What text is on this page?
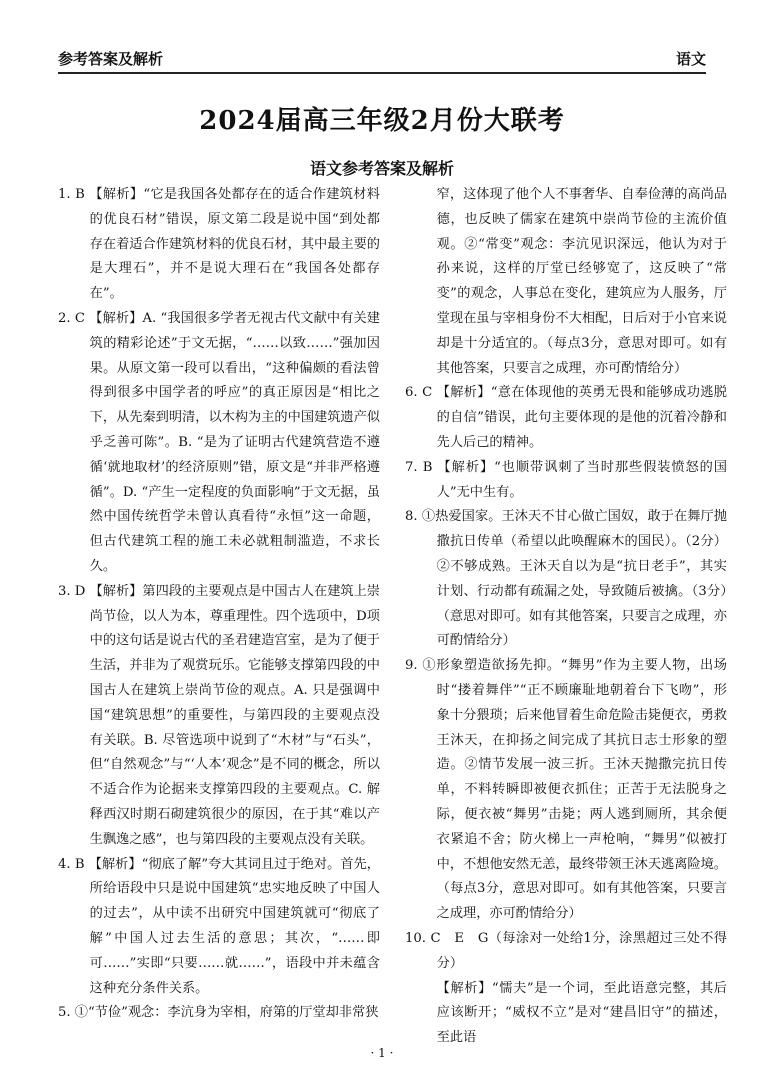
参考答案及解析	语文
2024届高三年级2月份大联考
语文参考答案及解析

1. B 【解析】“它是我国各处都存在的适合作建筑材料的优良石材”错误，原文第二段是说中国“到处都存在着适合作建筑材料的优良石材，其中最主要的是大理石”，并不是说大理石在“我国各处都存在”。

2. C 【解析】A. “我国很多学者无视古代文献中有关建筑的精彩论述”于文无据，“……以致……”强加因果。从原文第一段可以看出，“这种偏颇的看法曾得到很多中国学者的呼应”的真正原因是“相比之下，从先秦到明清，以木构为主的中国建筑遗产似乎乏善可陈”。B. “是为了证明古代建筑营造不遵循‘就地取材’的经济原则”错，原文是“并非严格遵循”。D. “产生一定程度的负面影响”于文无据，虽然中国传统哲学未曾认真看待“永恒”这一命题，但古代建筑工程的施工未必就粗制滥造，不求长久。

3. D 【解析】第四段的主要观点是中国古人在建筑上崇尚节俭，以人为本，尊重理性。四个选项中，D项中的这句话是说古代的圣君建造宫室，是为了便于生活，并非为了观赏玩乐。它能够支撑第四段的中国古人在建筑上崇尚节俭的观点。A. 只是强调中国“建筑思想”的重要性，与第四段的主要观点没有关联。B. 尽管选项中说到了“木材”与“石头”，但“自然观念”与“‘人本’观念”是不同的概念，所以不适合作为论据来支撑第四段的主要观点。C. 解释西汉时期石砌建筑很少的原因，在于其“难以产生飘逸之感”，也与第四段的主要观点没有关联。

4. B 【解析】“彻底了解”夸大其词且过于绝对。首先，所给语段中只是说中国建筑“忠实地反映了中国人的过去”，从中读不出研究中国建筑就可“彻底了解”中国人过去生活的意思；其次，“……即可……”实即“只要……就……”，语段中并未蕴含这种充分条件关系。

5. ①“节俭”观念：李沆身为宰相，府第的厅堂却非常狭

窄，这体现了他个人不事奢华、自奉俭薄的高尚品德，也反映了儒家在建筑中崇尚节俭的主流价值观。②“常变”观念：李沆见识深远，他认为对于孙来说，这样的厅堂已经够宽了，这反映了“常变”的观念，人事总在变化，建筑应为人服务，厅堂现在虽与宰相身份不大相配，日后对于小官来说却是十分适宜的。（每点3分，意思对即可。如有其他答案，只要言之成理，亦可酌情给分）

6. C 【解析】“意在体现他的英勇无畏和能够成功逃脱的自信”错误，此句主要体现的是他的沉着冷静和先人后己的精神。

7. B 【解析】“也顺带讽刺了当时那些假装愤怒的国人”无中生有。

8. ①热爱国家。王沐天不甘心做亡国奴，敢于在舞厅抛撒抗日传单（希望以此唤醒麻木的国民）。（2分）②不够成熟。王沐天自以为是“抗日老手”，其实计划、行动都有疏漏之处，导致随后被擒。（3分）（意思对即可。如有其他答案，只要言之成理，亦可酌情给分）

9. ①形象塑造欲扬先抑。“舞男”作为主要人物，出场时“搂着舞伴”“正不顾廉耻地朝着台下飞吻”，形象十分猥琐；后来他冒着生命危险击毙便衣，勇救王沐天，在抑扬之间完成了其抗日志士形象的塑造。②情节发展一波三折。王沐天抛撒完抗日传单，不料转瞬即被便衣抓住；正苦于无法脱身之际，便衣被“舞男”击毙；两人逃到厕所，其余便衣紧追不舍；防火梯上一声枪响，“舞男”似被打中，不想他安然无恙，最终带领王沐天逃离险境。（每点3分，意思对即可。如有其他答案，只要言之成理，亦可酌情给分）

10. C　E　G（每涂对一处给1分，涂黑超过三处不得分）

【解析】“懦夫”是一个词，至此语意完整，其后应该断开；“威权不立”是对“建昌旧守”的描述，至此语

· 1 ·
